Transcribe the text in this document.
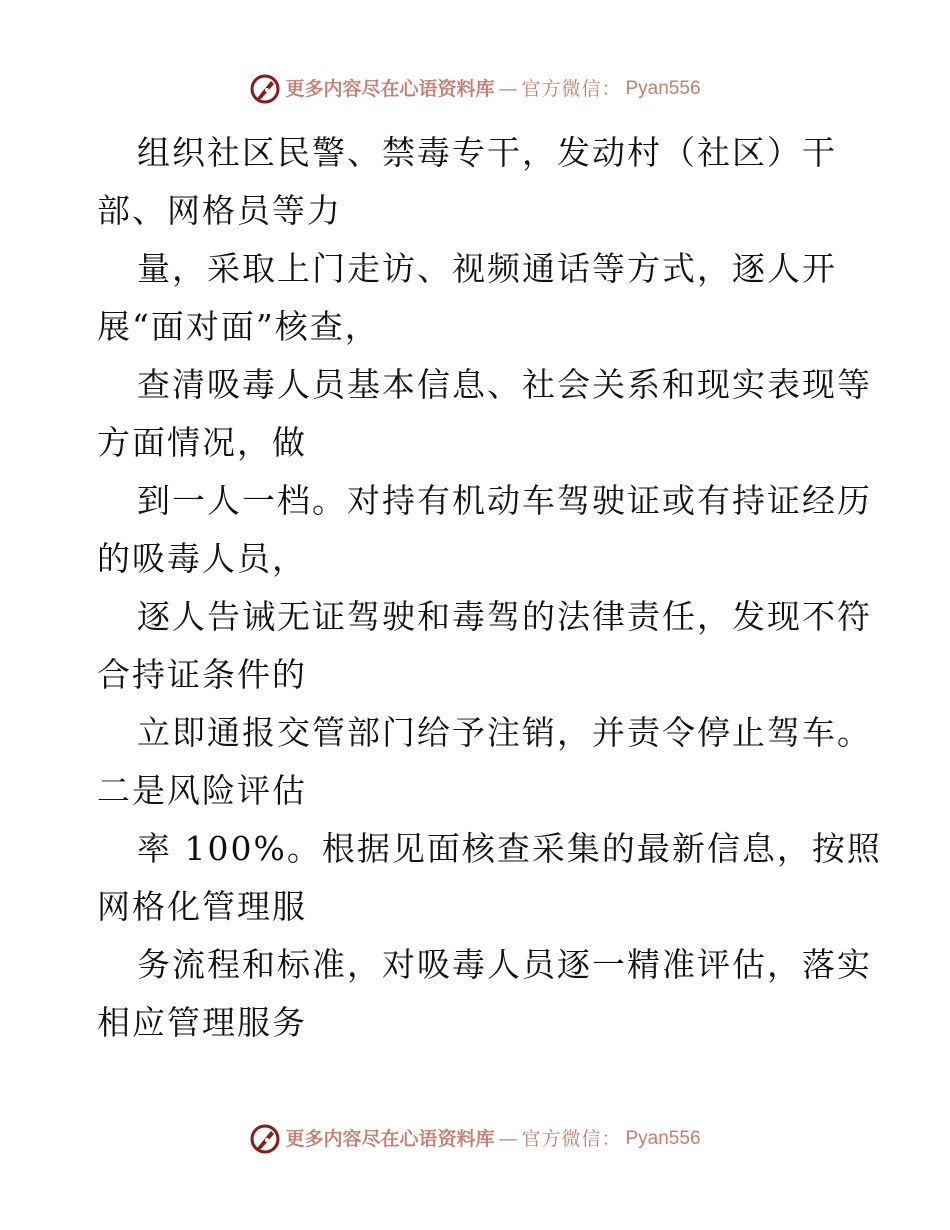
更多内容尽在心语资料库 — 官方微信： Pyan556
组织社区民警、禁毒专干，发动村（社区）干
部、网格员等力
量，采取上门走访、视频通话等方式，逐人开
展“面对面”核查，
查清吸毒人员基本信息、社会关系和现实表现等
方面情况，做
到一人一档。对持有机动车驾驶证或有持证经历
的吸毒人员，
逐人告诫无证驾驶和毒驾的法律责任，发现不符
合持证条件的
立即通报交管部门给予注销，并责令停止驾车。
二是风险评估
率 100%。根据见面核查采集的最新信息，按照
网格化管理服
务流程和标准，对吸毒人员逐一精准评估，落实
相应管理服务
更多内容尽在心语资料库 — 官方微信： Pyan556
